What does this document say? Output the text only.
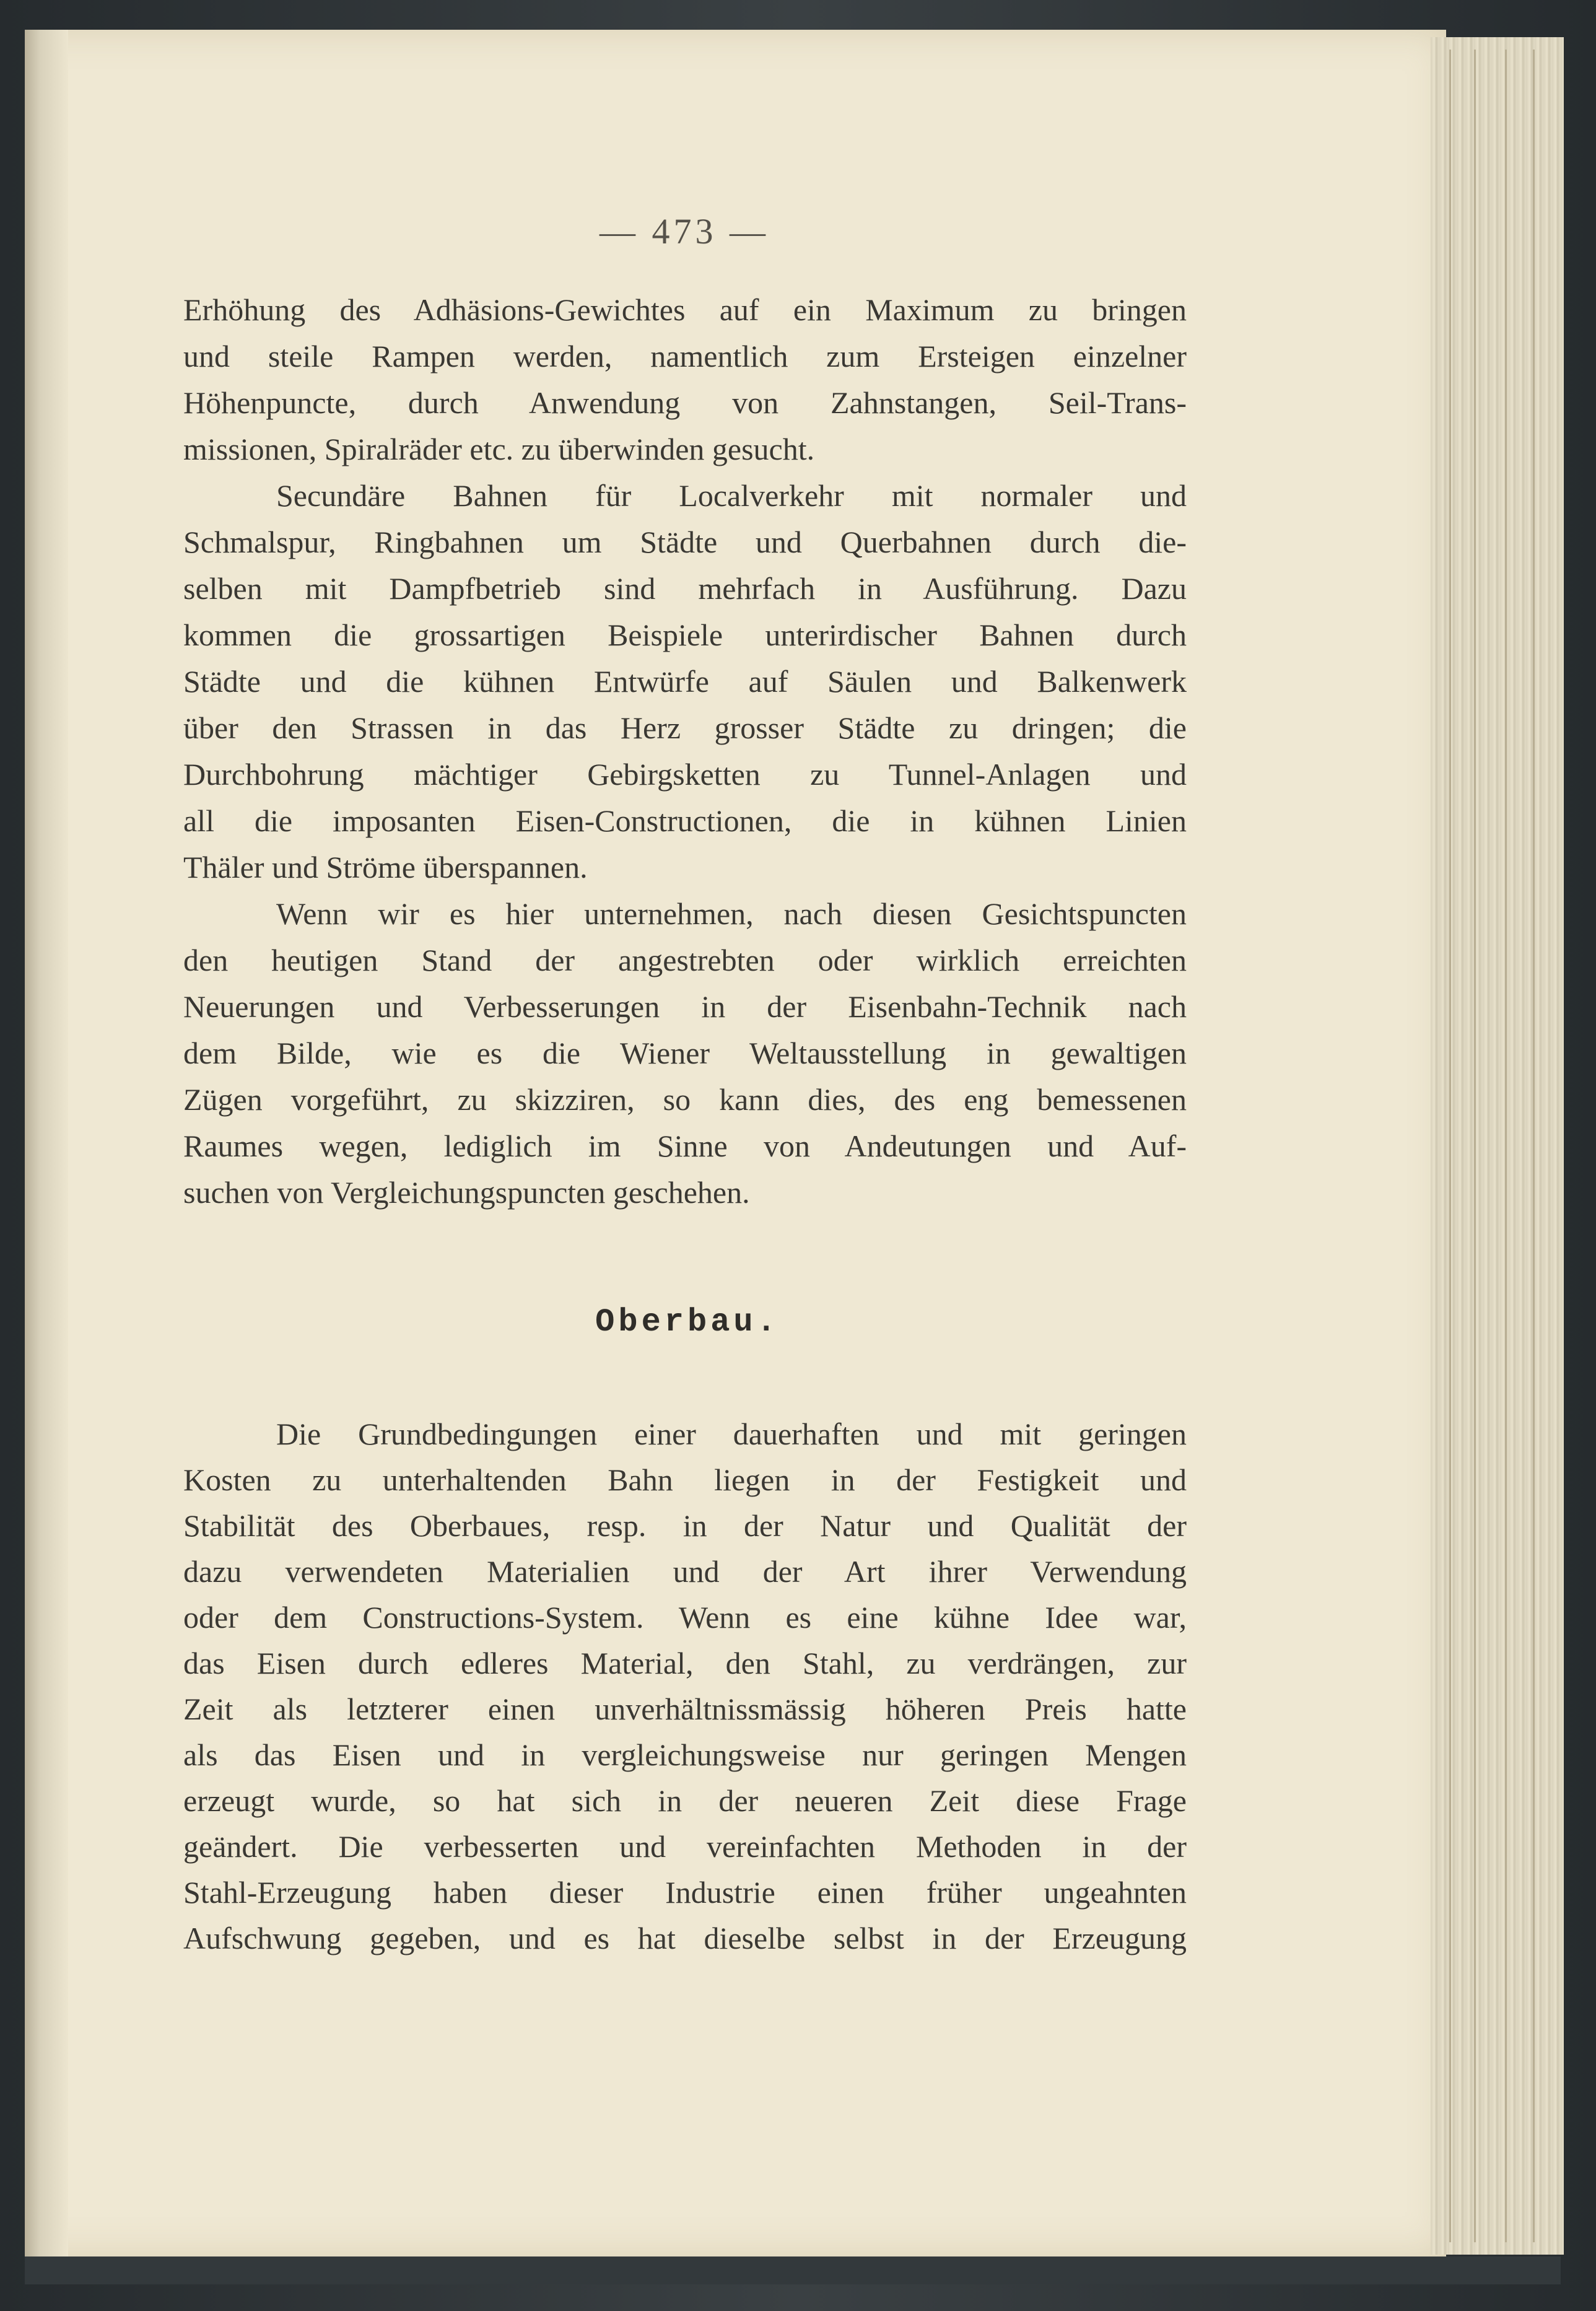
— 473 —
Erhöhung des Adhäsions-Gewichtes auf ein Maximum zu bringen
und steile Rampen werden, namentlich zum Ersteigen einzelner
Höhenpuncte, durch Anwendung von Zahnstangen, Seil-Trans-
missionen, Spiralräder etc. zu überwinden gesucht.
Secundäre Bahnen für Localverkehr mit normaler und
Schmalspur, Ringbahnen um Städte und Querbahnen durch die-
selben mit Dampfbetrieb sind mehrfach in Ausführung. Dazu
kommen die grossartigen Beispiele unterirdischer Bahnen durch
Städte und die kühnen Entwürfe auf Säulen und Balkenwerk
über den Strassen in das Herz grosser Städte zu dringen; die
Durchbohrung mächtiger Gebirgsketten zu Tunnel-Anlagen und
all die imposanten Eisen-Constructionen, die in kühnen Linien
Thäler und Ströme überspannen.
Wenn wir es hier unternehmen, nach diesen Gesichtspuncten
den heutigen Stand der angestrebten oder wirklich erreichten
Neuerungen und Verbesserungen in der Eisenbahn-Technik nach
dem Bilde, wie es die Wiener Weltausstellung in gewaltigen
Zügen vorgeführt, zu skizziren, so kann dies, des eng bemessenen
Raumes wegen, lediglich im Sinne von Andeutungen und Auf-
suchen von Vergleichungspuncten geschehen.
Oberbau.
Die Grundbedingungen einer dauerhaften und mit geringen
Kosten zu unterhaltenden Bahn liegen in der Festigkeit und
Stabilität des Oberbaues, resp. in der Natur und Qualität der
dazu verwendeten Materialien und der Art ihrer Verwendung
oder dem Constructions-System. Wenn es eine kühne Idee war,
das Eisen durch edleres Material, den Stahl, zu verdrängen, zur
Zeit als letzterer einen unverhältnissmässig höheren Preis hatte
als das Eisen und in vergleichungsweise nur geringen Mengen
erzeugt wurde, so hat sich in der neueren Zeit diese Frage
geändert. Die verbesserten und vereinfachten Methoden in der
Stahl-Erzeugung haben dieser Industrie einen früher ungeahnten
Aufschwung gegeben, und es hat dieselbe selbst in der Erzeugung
